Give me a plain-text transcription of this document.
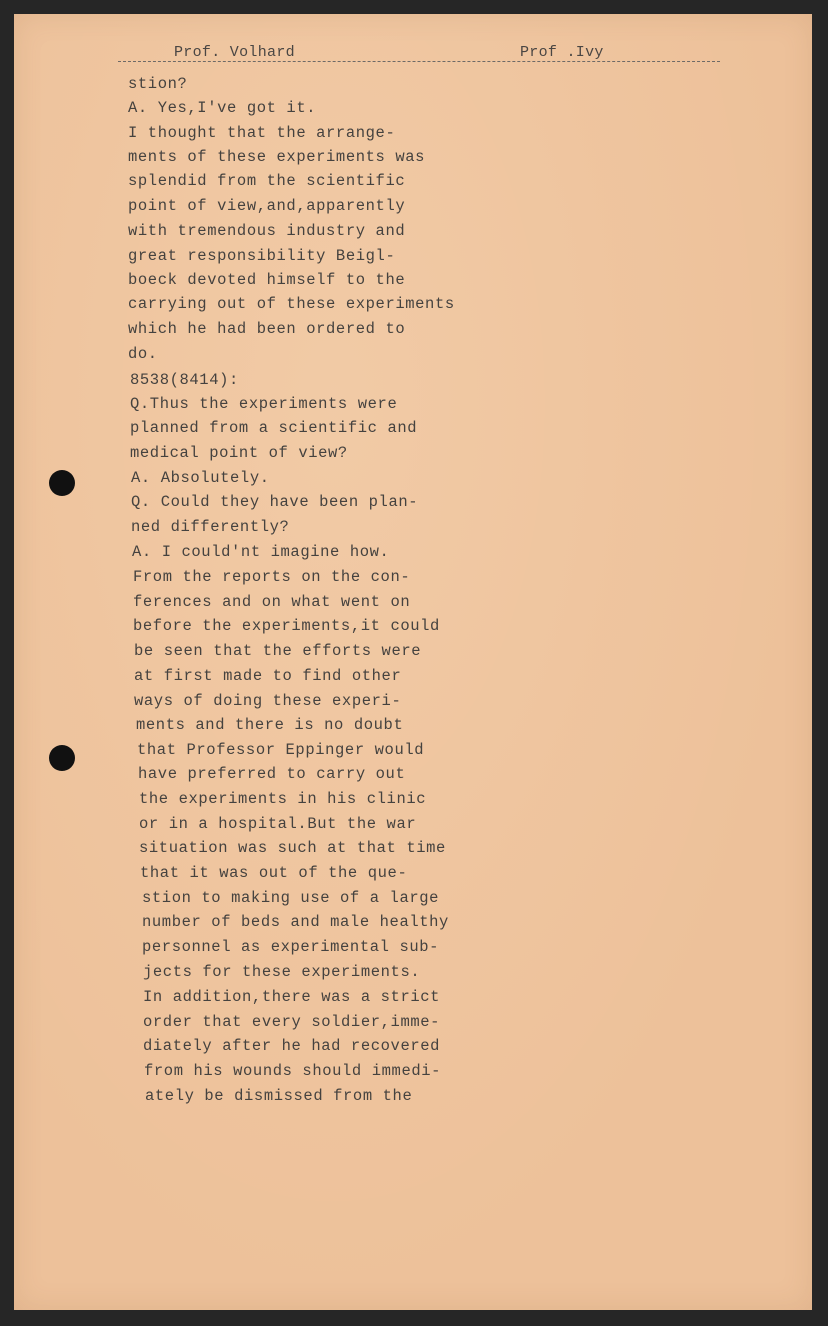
Prof. Volhard	Prof .Ivy
stion?
A. Yes,I've got it.
I thought that the arrange-
ments of these experiments was
splendid from the scientific
point of view,and,apparently
with tremendous industry and
great responsibility Beigl-
boeck devoted himself to the
carrying out of these experiments
which he had been ordered to
do.
8538(8414):
Q.Thus the experiments were
planned from a scientific and
medical point of view?
A. Absolutely.
Q. Could they have been plan-
ned differently?
A. I could'nt imagine how.
From the reports on the con-
ferences and on what went on
before the experiments,it could
be seen that the efforts were
at first made to find other
ways of doing these experi-
ments and there is no doubt
that Professor Eppinger would
have preferred to carry out
the experiments in his clinic
or in a hospital.But the war
situation was such at that time
that it was out of the que-
stion to making use of a large
number of beds and male healthy
personnel as experimental sub-
jects for these experiments.
In addition,there was a strict
order that every soldier,imme-
diately after he had recovered
from his wounds should immedi-
ately be dismissed from the
